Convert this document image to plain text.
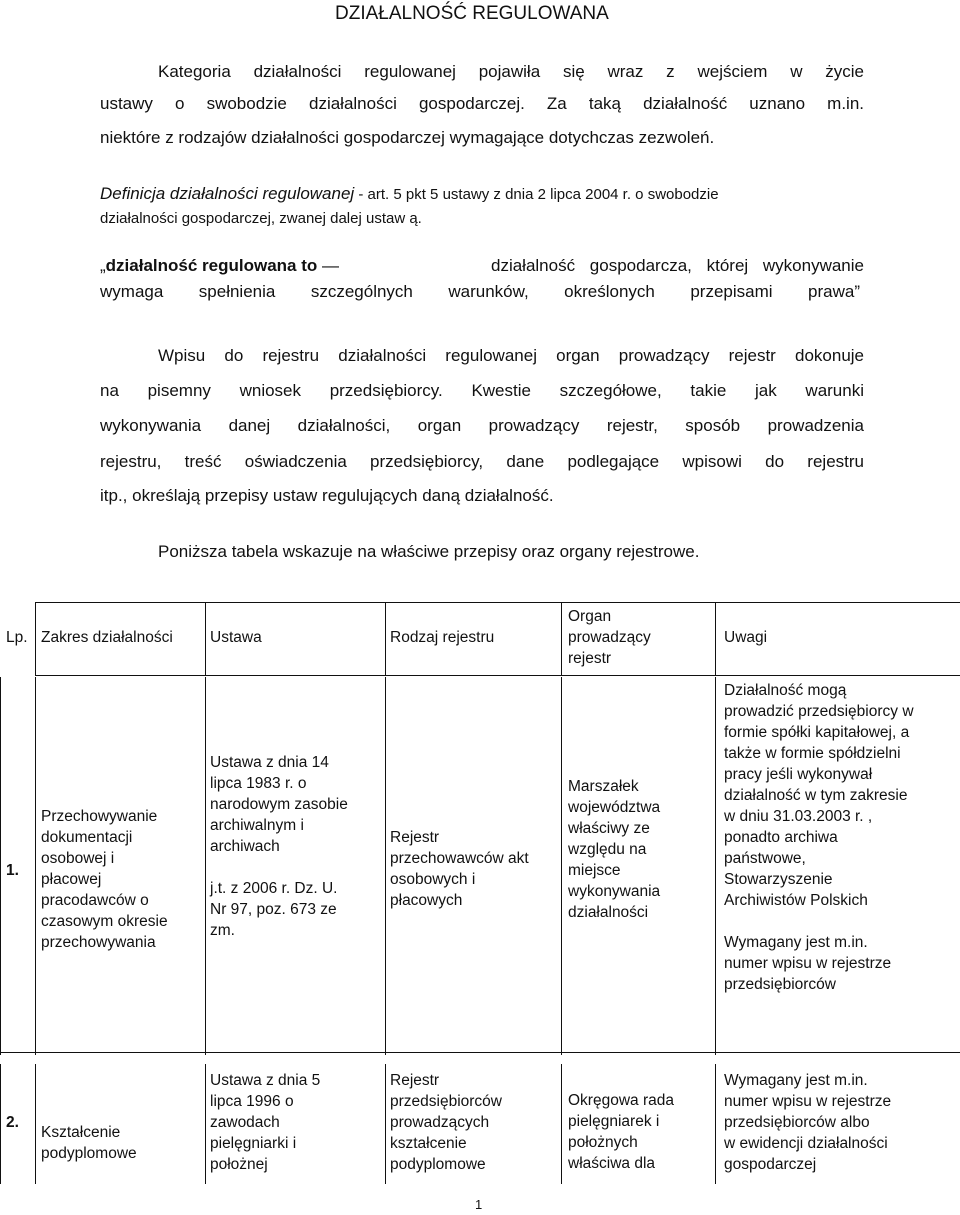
DZIAŁALNOŚĆ REGULOWANA
Kategoria działalności regulowanej pojawiła się wraz z wejściem w życie
ustawy o swobodzie działalności gospodarczej. Za taką działalność uznano m.in.
niektóre z rodzajów działalności gospodarczej wymagające dotychczas zezwoleń.
Definicja działalności regulowanej - art. 5 pkt 5 ustawy z dnia 2 lipca 2004 r. o swobodzie
działalności gospodarczej, zwanej dalej ustaw ą.
„działalność regulowana to —	działalność gospodarcza, której wykonywanie
wymaga spełnienia szczególnych warunków, określonych przepisami prawa”
Wpisu do rejestru działalności regulowanej organ prowadzący rejestr dokonuje
na pisemny wniosek przedsiębiorcy. Kwestie szczegółowe, takie jak warunki
wykonywania danej działalności, organ prowadzący rejestr, sposób prowadzenia
rejestru, treść oświadczenia przedsiębiorcy, dane podlegające wpisowi do rejestru
itp., określają przepisy ustaw regulujących daną działalność.
Poniższa tabela wskazuje na właściwe przepisy oraz organy rejestrowe.
Lp. Zakres działalności Ustawa	Rodzaj rejestru
Organ
prowadzący
rejestr
Uwagi
1.
Przechowywanie
dokumentacji
osobowej i
płacowej
pracodawców o
czasowym okresie
przechowywania
Ustawa z dnia 14
lipca 1983 r. o
narodowym zasobie
archiwalnym i
archiwach

j.t. z 2006 r. Dz. U.
Nr 97, poz. 673 ze
zm.
Rejestr
przechowawców akt
osobowych i
płacowych
Marszałek
województwa
właściwy ze
względu na
miejsce
wykonywania
działalności
Działalność mogą
prowadzić przedsiębiorcy w
formie spółki kapitałowej, a
także w formie spółdzielni
pracy jeśli wykonywał
działalność w tym zakresie
w dniu 31.03.2003 r. ,
ponadto archiwa
państwowe,
Stowarzyszenie
Archiwistów Polskich

Wymagany jest m.in.
numer wpisu w rejestrze
przedsiębiorców
2.
Kształcenie
podyplomowe
Ustawa z dnia 5
lipca 1996 o
zawodach
pielęgniarki i
położnej
Rejestr
przedsiębiorców
prowadzących
kształcenie
podyplomowe
Okręgowa rada
pielęgniarek i
położnych
właściwa dla
Wymagany jest m.in.
numer wpisu w rejestrze
przedsiębiorców albo
w ewidencji działalności
gospodarczej
1
